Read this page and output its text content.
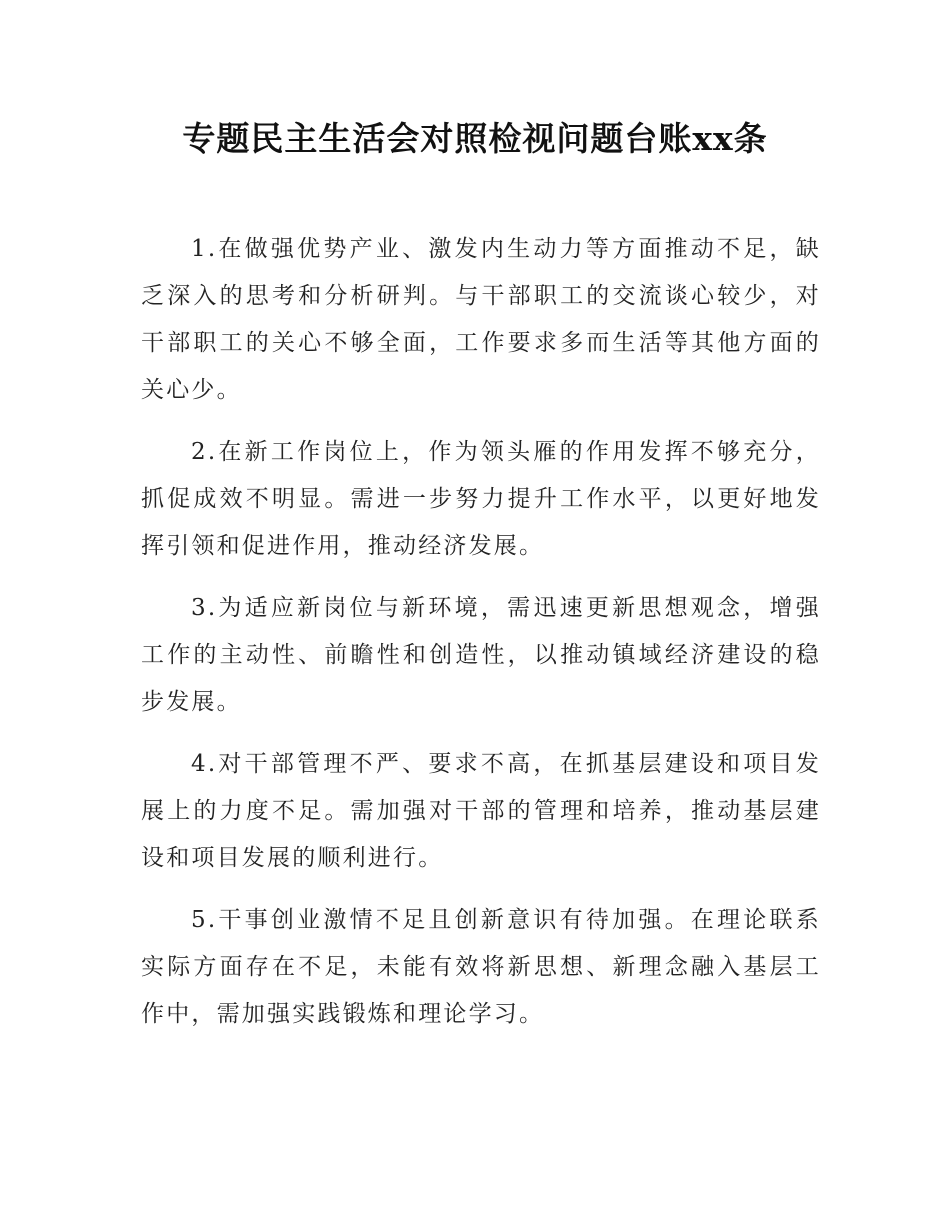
专题民主生活会对照检视问题台账xx条

1.在做强优势产业、激发内生动力等方面推动不足，缺乏深入的思考和分析研判。与干部职工的交流谈心较少，对干部职工的关心不够全面，工作要求多而生活等其他方面的关心少。

2.在新工作岗位上，作为领头雁的作用发挥不够充分，抓促成效不明显。需进一步努力提升工作水平，以更好地发挥引领和促进作用，推动经济发展。

3.为适应新岗位与新环境，需迅速更新思想观念，增强工作的主动性、前瞻性和创造性，以推动镇域经济建设的稳步发展。

4.对干部管理不严、要求不高，在抓基层建设和项目发展上的力度不足。需加强对干部的管理和培养，推动基层建设和项目发展的顺利进行。

5.干事创业激情不足且创新意识有待加强。在理论联系实际方面存在不足，未能有效将新思想、新理念融入基层工作中，需加强实践锻炼和理论学习。
